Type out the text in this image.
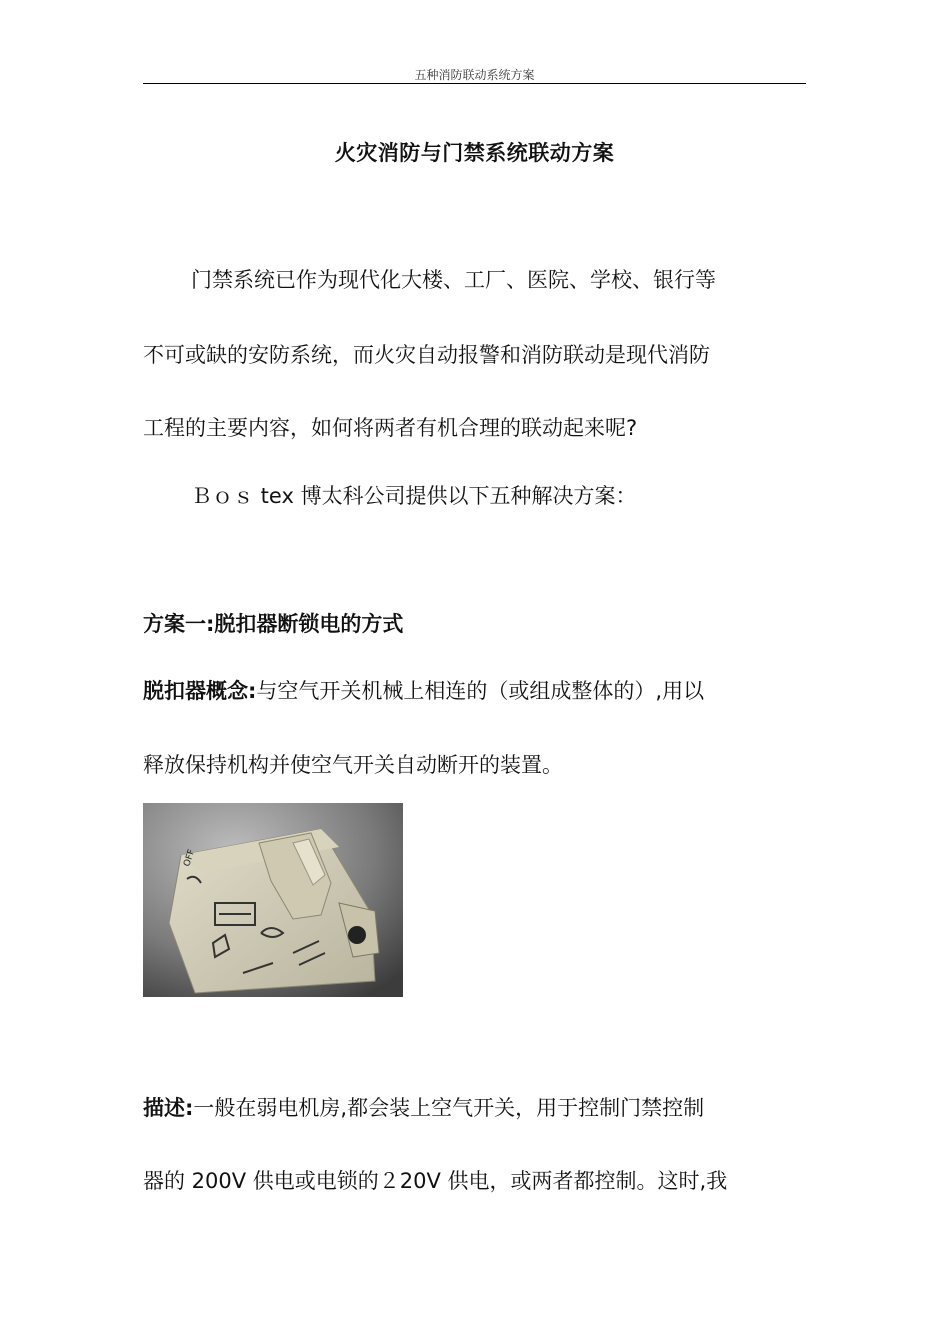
五种消防联动系统方案
火灾消防与门禁系统联动方案
门禁系统已作为现代化大楼、工厂、医院、学校、银行等
不可或缺的安防系统，而火灾自动报警和消防联动是现代消防
工程的主要内容，如何将两者有机合理的联动起来呢?
Ｂｏｓ tex 博太科公司提供以下五种解决方案：
方案一:脱扣器断锁电的方式
脱扣器概念:与空气开关机械上相连的（或组成整体的）,用以
释放保持机构并使空气开关自动断开的装置。
OFF
描述:一般在弱电机房,都会装上空气开关，用于控制门禁控制
器的 200V 供电或电锁的２20V 供电，或两者都控制。这时,我
